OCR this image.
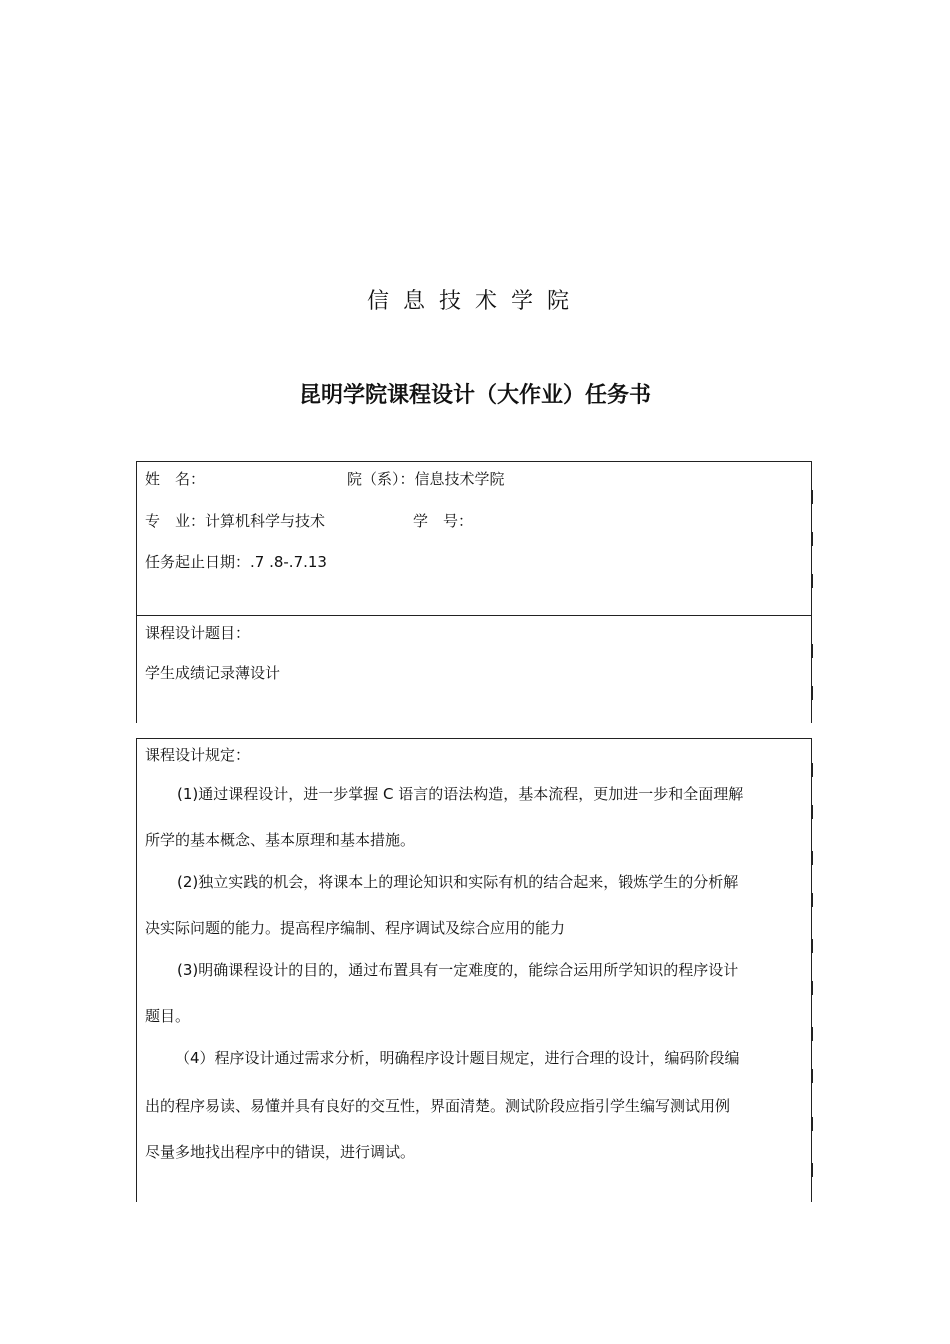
信息技术学院
昆明学院课程设计（大作业）任务书
姓　名：	院（系）：信息技术学院
专　业：计算机科学与技术	学　号：
任务起止日期：.7 .8-.7.13
课程设计题目：
学生成绩记录薄设计
课程设计规定：
(1)通过课程设计，进一步掌握 C 语言的语法构造，基本流程，更加进一步和全面理解
所学的基本概念、基本原理和基本措施。
(2)独立实践的机会，将课本上的理论知识和实际有机的结合起来，锻炼学生的分析解
决实际问题的能力。提高程序编制、程序调试及综合应用的能力
(3)明确课程设计的目的，通过布置具有一定难度的，能综合运用所学知识的程序设计
题目。
（4）程序设计通过需求分析，明确程序设计题目规定，进行合理的设计，编码阶段编
出的程序易读、易懂并具有良好的交互性，界面清楚。测试阶段应指引学生编写测试用例
尽量多地找出程序中的错误，进行调试。
